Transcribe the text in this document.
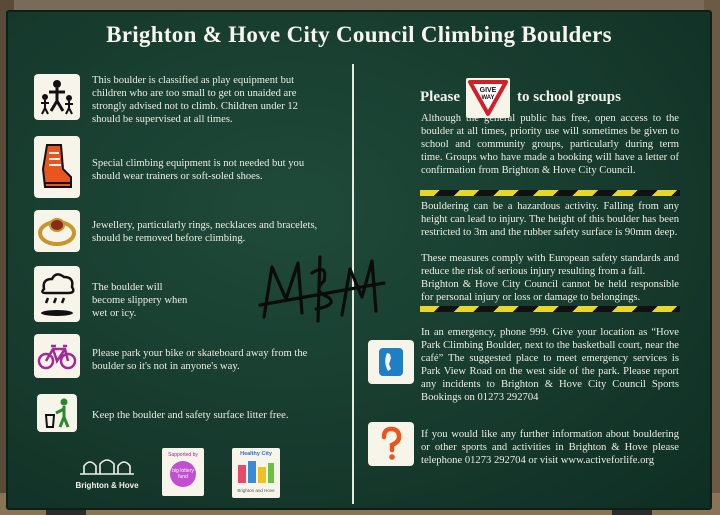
Brighton & Hove City Council Climbing Boulders
This boulder is classified as play equipment but children who are too small to get on unaided are strongly advised not to climb. Children under 12 should be supervised at all times.
Special climbing equipment is not needed but you should wear trainers or soft-soled shoes.
Jewellery, particularly rings, necklaces and bracelets, should be removed before climbing.
The boulder will become slippery when wet or icy.
Please park your bike or skateboard away from the boulder so it's not in anyone's way.
Keep the boulder and safety surface litter free.
Brighton & Hove
Supported by
big lottery fund
Healthy City
Brighton and Hove
Please	GIVE
WAY to school groups
Although the general public has free, open access to the boulder at all times, priority use will sometimes be given to school and community groups, particularly during term time. Groups who have made a booking will have a letter of confirmation from Brighton & Hove City Council.
Bouldering can be a hazardous activity. Falling from any height can lead to injury. The height of this boulder has been restricted to 3m and the rubber safety surface is 90mm deep.
These measures comply with European safety standards and reduce the risk of serious injury resulting from a fall.
Brighton & Hove City Council cannot be held responsible for personal injury or loss or damage to belongings.
In an emergency, phone 999. Give your location as “Hove Park Climbing Boulder, next to the basketball court, near the café” The suggested place to meet emergency services is Park View Road on the west side of the park. Please report any incidents to Brighton & Hove City Council Sports Bookings on 01273 292704
If you would like any further information about bouldering or other sports and activities in Brighton & Hove please telephone 01273 292704 or visit www.activeforlife.org
